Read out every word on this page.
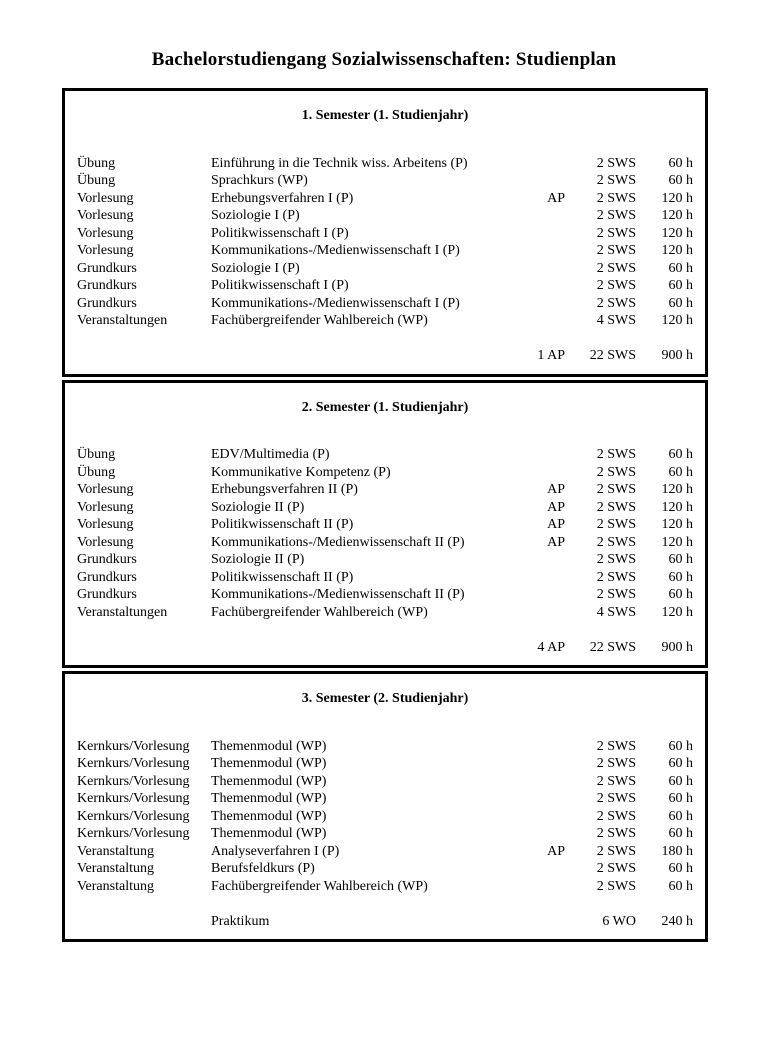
Bachelorstudiengang Sozialwissenschaften: Studienplan
1. Semester (1. Studienjahr)
Übung	Einführung in die Technik wiss. Arbeitens (P)	2 SWS	60 h
Übung	Sprachkurs (WP)	2 SWS	60 h
Vorlesung	Erhebungsverfahren I (P)	AP	2 SWS	120 h
Vorlesung	Soziologie I (P)	2 SWS	120 h
Vorlesung	Politikwissenschaft I (P)	2 SWS	120 h
Vorlesung	Kommunikations-/Medienwissenschaft I (P)	2 SWS	120 h
Grundkurs	Soziologie I (P)	2 SWS	60 h
Grundkurs	Politikwissenschaft I (P)	2 SWS	60 h
Grundkurs	Kommunikations-/Medienwissenschaft I (P)	2 SWS	60 h
Veranstaltungen	Fachübergreifender Wahlbereich (WP)	4 SWS	120 h
1 AP	22 SWS	900 h
2. Semester (1. Studienjahr)
Übung	EDV/Multimedia (P)	2 SWS	60 h
Übung	Kommunikative Kompetenz (P)	2 SWS	60 h
Vorlesung	Erhebungsverfahren II (P)	AP	2 SWS	120 h
Vorlesung	Soziologie II (P)	AP	2 SWS	120 h
Vorlesung	Politikwissenschaft II (P)	AP	2 SWS	120 h
Vorlesung	Kommunikations-/Medienwissenschaft II (P)	AP	2 SWS	120 h
Grundkurs	Soziologie II (P)	2 SWS	60 h
Grundkurs	Politikwissenschaft II (P)	2 SWS	60 h
Grundkurs	Kommunikations-/Medienwissenschaft II (P)	2 SWS	60 h
Veranstaltungen	Fachübergreifender Wahlbereich (WP)	4 SWS	120 h
4 AP	22 SWS	900 h
3. Semester (2. Studienjahr)
Kernkurs/Vorlesung	Themenmodul (WP)	2 SWS	60 h
Kernkurs/Vorlesung	Themenmodul (WP)	2 SWS	60 h
Kernkurs/Vorlesung	Themenmodul (WP)	2 SWS	60 h
Kernkurs/Vorlesung	Themenmodul (WP)	2 SWS	60 h
Kernkurs/Vorlesung	Themenmodul (WP)	2 SWS	60 h
Kernkurs/Vorlesung	Themenmodul (WP)	2 SWS	60 h
Veranstaltung	Analyseverfahren I (P)	AP	2 SWS	180 h
Veranstaltung	Berufsfeldkurs (P)	2 SWS	60 h
Veranstaltung	Fachübergreifender Wahlbereich (WP)	2 SWS	60 h
Praktikum	6 WO	240 h
